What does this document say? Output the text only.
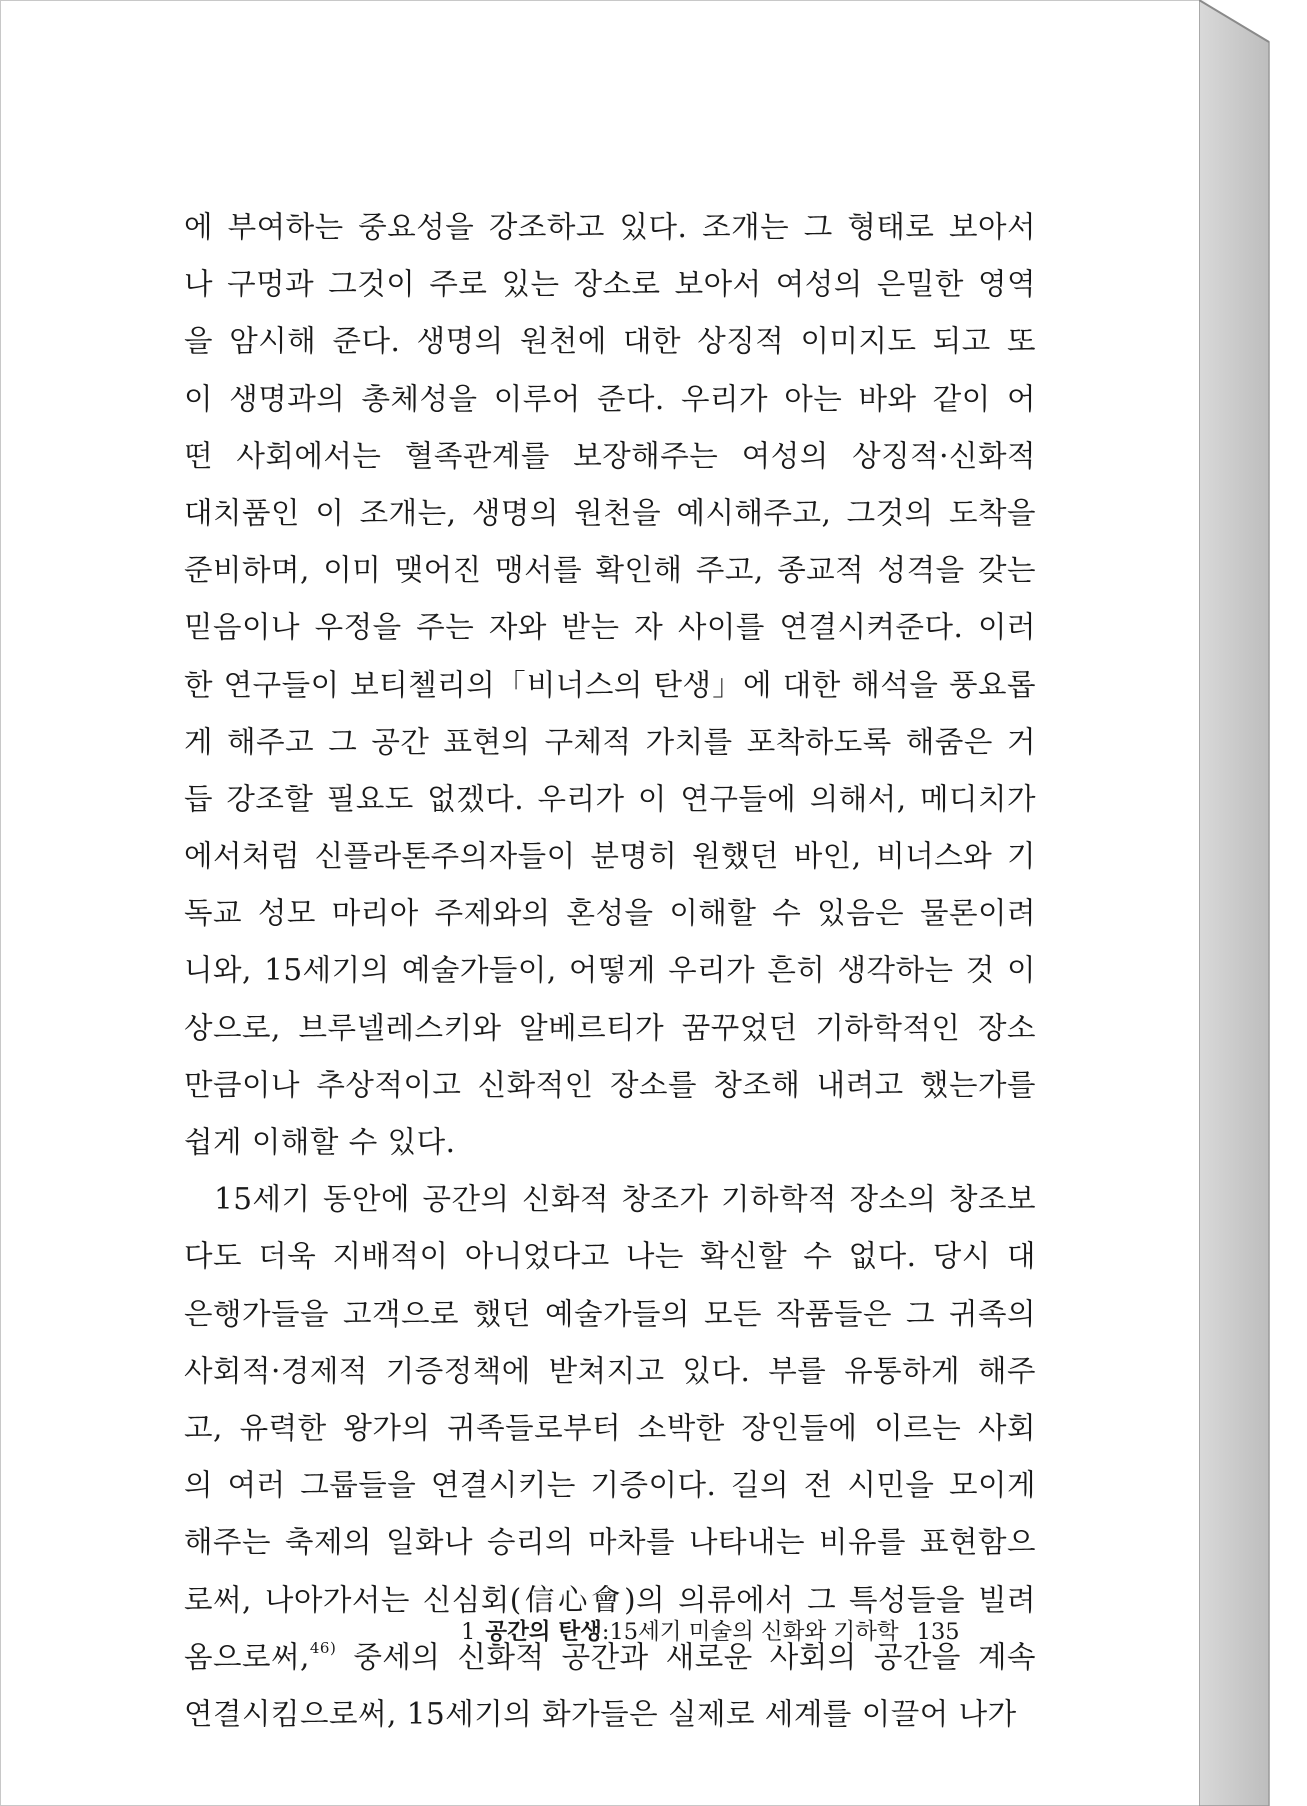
에 부여하는 중요성을 강조하고 있다. 조개는 그 형태로 보아서
나 구멍과 그것이 주로 있는 장소로 보아서 여성의 은밀한 영역
을 암시해 준다. 생명의 원천에 대한 상징적 이미지도 되고 또
이 생명과의 총체성을 이루어 준다. 우리가 아는 바와 같이 어
떤 사회에서는 혈족관계를 보장해주는 여성의 상징적·신화적
대치품인 이 조개는, 생명의 원천을 예시해주고, 그것의 도착을
준비하며, 이미 맺어진 맹서를 확인해 주고, 종교적 성격을 갖는
믿음이나 우정을 주는 자와 받는 자 사이를 연결시켜준다. 이러
한 연구들이 보티첼리의「비너스의 탄생」에 대한 해석을 풍요롭
게 해주고 그 공간 표현의 구체적 가치를 포착하도록 해줌은 거
듭 강조할 필요도 없겠다. 우리가 이 연구들에 의해서, 메디치가
에서처럼 신플라톤주의자들이 분명히 원했던 바인, 비너스와 기
독교 성모 마리아 주제와의 혼성을 이해할 수 있음은 물론이려
니와, 15세기의 예술가들이, 어떻게 우리가 흔히 생각하는 것 이
상으로, 브루넬레스키와 알베르티가 꿈꾸었던 기하학적인 장소
만큼이나 추상적이고 신화적인 장소를 창조해 내려고 했는가를
쉽게 이해할 수 있다.
15세기 동안에 공간의 신화적 창조가 기하학적 장소의 창조보
다도 더욱 지배적이 아니었다고 나는 확신할 수 없다. 당시 대
은행가들을 고객으로 했던 예술가들의 모든 작품들은 그 귀족의
사회적·경제적 기증정책에 받쳐지고 있다. 부를 유통하게 해주
고, 유력한 왕가의 귀족들로부터 소박한 장인들에 이르는 사회
의 여러 그룹들을 연결시키는 기증이다. 길의 전 시민을 모이게
해주는 축제의 일화나 승리의 마차를 나타내는 비유를 표현함으
로써, 나아가서는 신심회(信心會)의 의류에서 그 특성들을 빌려
옴으로써,$^{46)}$ 중세의 신화적 공간과 새로운 사회의 공간을 계속
연결시킴으로써, 15세기의 화가들은 실제로 세계를 이끌어 나가
1 공간의 탄생:15세기 미술의 신화와 기하학 135
